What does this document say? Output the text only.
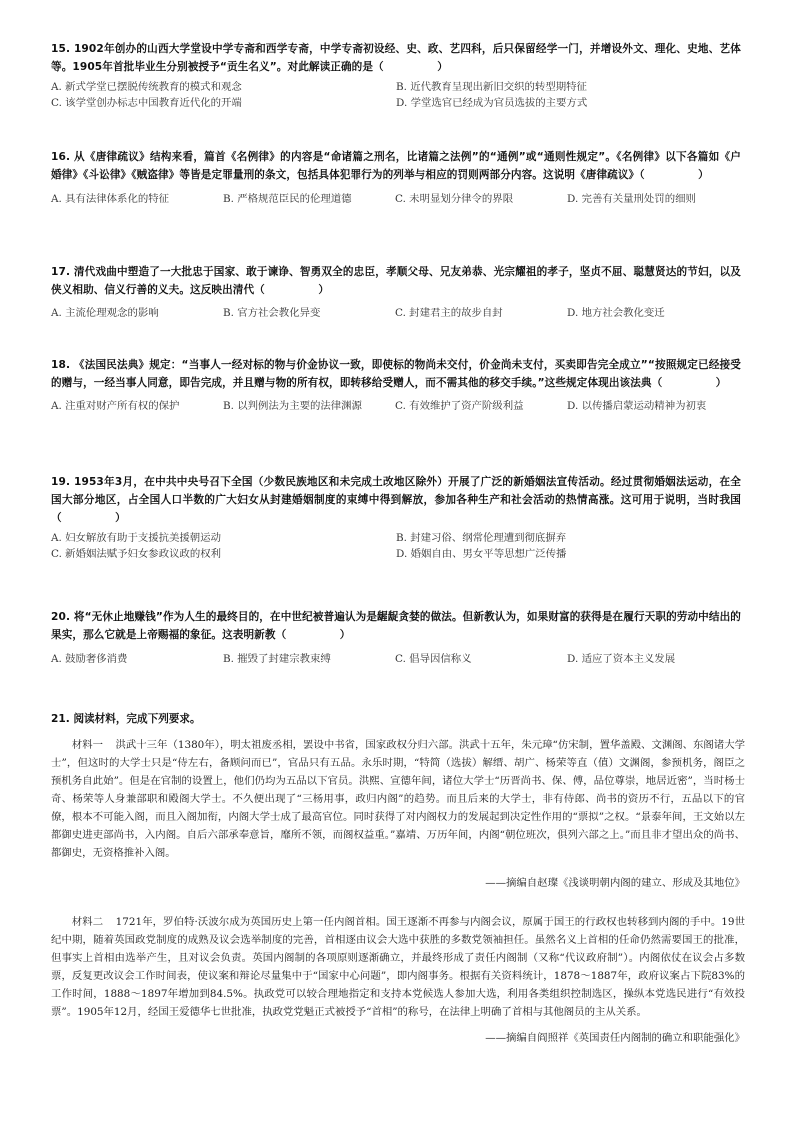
15. 1902年创办的山西大学堂设中学专斋和西学专斋，中学专斋初设经、史、政、艺四科，后只保留经学一门，并增设外文、理化、史地、艺体等。1905年首批毕业生分别被授予“贡生名义”。对此解读正确的是（　　　　　）
A. 新式学堂已摆脱传统教育的模式和观念	B. 近代教育呈现出新旧交织的转型期特征
C. 该学堂创办标志中国教育近代化的开端	D. 学堂选官已经成为官员选拔的主要方式
16. 从《唐律疏议》结构来看，篇首《名例律》的内容是“命诸篇之刑名，比诸篇之法例”的“通例”或“通则性规定”。《名例律》以下各篇如《户婚律》《斗讼律》《贼盗律》等皆是定罪量刑的条文，包括具体犯罪行为的列举与相应的罚则两部分内容。这说明《唐律疏议》（　　　　　）
A. 具有法律体系化的特征	B. 严格规范臣民的伦理道德	C. 未明显划分律令的界限	D. 完善有关量刑处罚的细则
17. 清代戏曲中塑造了一大批忠于国家、敢于谏诤、智勇双全的忠臣，孝顺父母、兄友弟恭、光宗耀祖的孝子，坚贞不屈、聪慧贤达的节妇，以及侠义相助、信义行善的义夫。这反映出清代（　　　　　）
A. 主流伦理观念的影响	B. 官方社会教化异变	C. 封建君主的故步自封	D. 地方社会教化变迁
18. 《法国民法典》规定：“当事人一经对标的物与价金协议一致，即使标的物尚未交付，价金尚未支付，买卖即告完全成立”“按照规定已经接受的赠与，一经当事人同意，即告完成，并且赠与物的所有权，即转移给受赠人，而不需其他的移交手续。”这些规定体现出该法典（　　　　　）
A. 注重对财产所有权的保护	B. 以判例法为主要的法律渊源	C. 有效维护了资产阶级利益	D. 以传播启蒙运动精神为初衷
19. 1953年3月，在中共中央号召下全国（少数民族地区和未完成土改地区除外）开展了广泛的新婚姻法宣传活动。经过贯彻婚姻法运动，在全国大部分地区，占全国人口半数的广大妇女从封建婚姻制度的束缚中得到解放，参加各种生产和社会活动的热情高涨。这可用于说明，当时我国（　　　　　）
A. 妇女解放有助于支援抗美援朝运动	B. 封建习俗、纲常伦理遭到彻底摒弃
C. 新婚姻法赋予妇女参政议政的权利	D. 婚姻自由、男女平等思想广泛传播
20. 将“无休止地赚钱”作为人生的最终目的，在中世纪被普遍认为是龌龊贪婪的做法。但新教认为，如果财富的获得是在履行天职的劳动中结出的果实，那么它就是上帝赐福的象征。这表明新教（　　　　　）
A. 鼓励奢侈消费	B. 摧毁了封建宗教束缚	C. 倡导因信称义	D. 适应了资本主义发展
21. 阅读材料，完成下列要求。
材料一 洪武十三年（1380年），明太祖废丞相，罢设中书省，国家政权分归六部。洪武十五年，朱元璋“仿宋制，置华盖殿、文渊阁、东阁诸大学士”，但这时的大学士只是“侍左右，备顾问而已”，官品只有五品。永乐时期，“特简（选拔）解缙、胡广、杨荣等直（值）文渊阁，参预机务，阁臣之预机务自此始”。但是在官制的设置上，他们仍均为五品以下官员。洪熙、宣德年间，诸位大学士“历晋尚书、保、傅，品位尊崇，地居近密”，当时杨士奇、杨荣等人身兼部职和殿阁大学士。不久便出现了“三杨用事，政归内阁”的趋势。而且后来的大学士，非有侍郎、尚书的资历不行，五品以下的官僚，根本不可能入阁，而且入阁加衔，内阁大学士成了最高官位。同时获得了对内阁权力的发展起到决定性作用的“票拟”之权。“景泰年间，王文始以左都御史进吏部尚书，入内阁。自后六部承奉意旨，靡所不领，而阁权益重。”嘉靖、万历年间，内阁“朝位班次，俱列六部之上。”而且非才望出众的尚书、都御史，无资格推补入阁。
——摘编自赵璨《浅谈明朝内阁的建立、形成及其地位》
材料二 1721年，罗伯特·沃波尔成为英国历史上第一任内阁首相。国王逐渐不再参与内阁会议，原属于国王的行政权也转移到内阁的手中。19世纪中期，随着英国政党制度的成熟及议会选举制度的完善，首相逐由议会大选中获胜的多数党领袖担任。虽然名义上首相的任命仍然需要国王的批准，但事实上首相由选举产生，且对议会负责。英国内阁制的各项原则逐渐确立，并最终形成了责任内阁制（又称“代议政府制”）。内阁依仗在议会占多数票，反复更改议会工作时间表，使议案和辩论尽量集中于“国家中心问题”，即内阁事务。根据有关资料统计，1878～1887年，政府议案占下院83%的工作时间，1888～1897年增加到84.5%。执政党可以较合理地指定和支持本党候选人参加大选，利用各类组织控制选区，操纵本党选民进行“有效投票”。1905年12月，经国王爱德华七世批准，执政党党魁正式被授予“首相”的称号，在法律上明确了首相与其他阁员的主从关系。
——摘编自阎照祥《英国责任内阁制的确立和职能强化》
